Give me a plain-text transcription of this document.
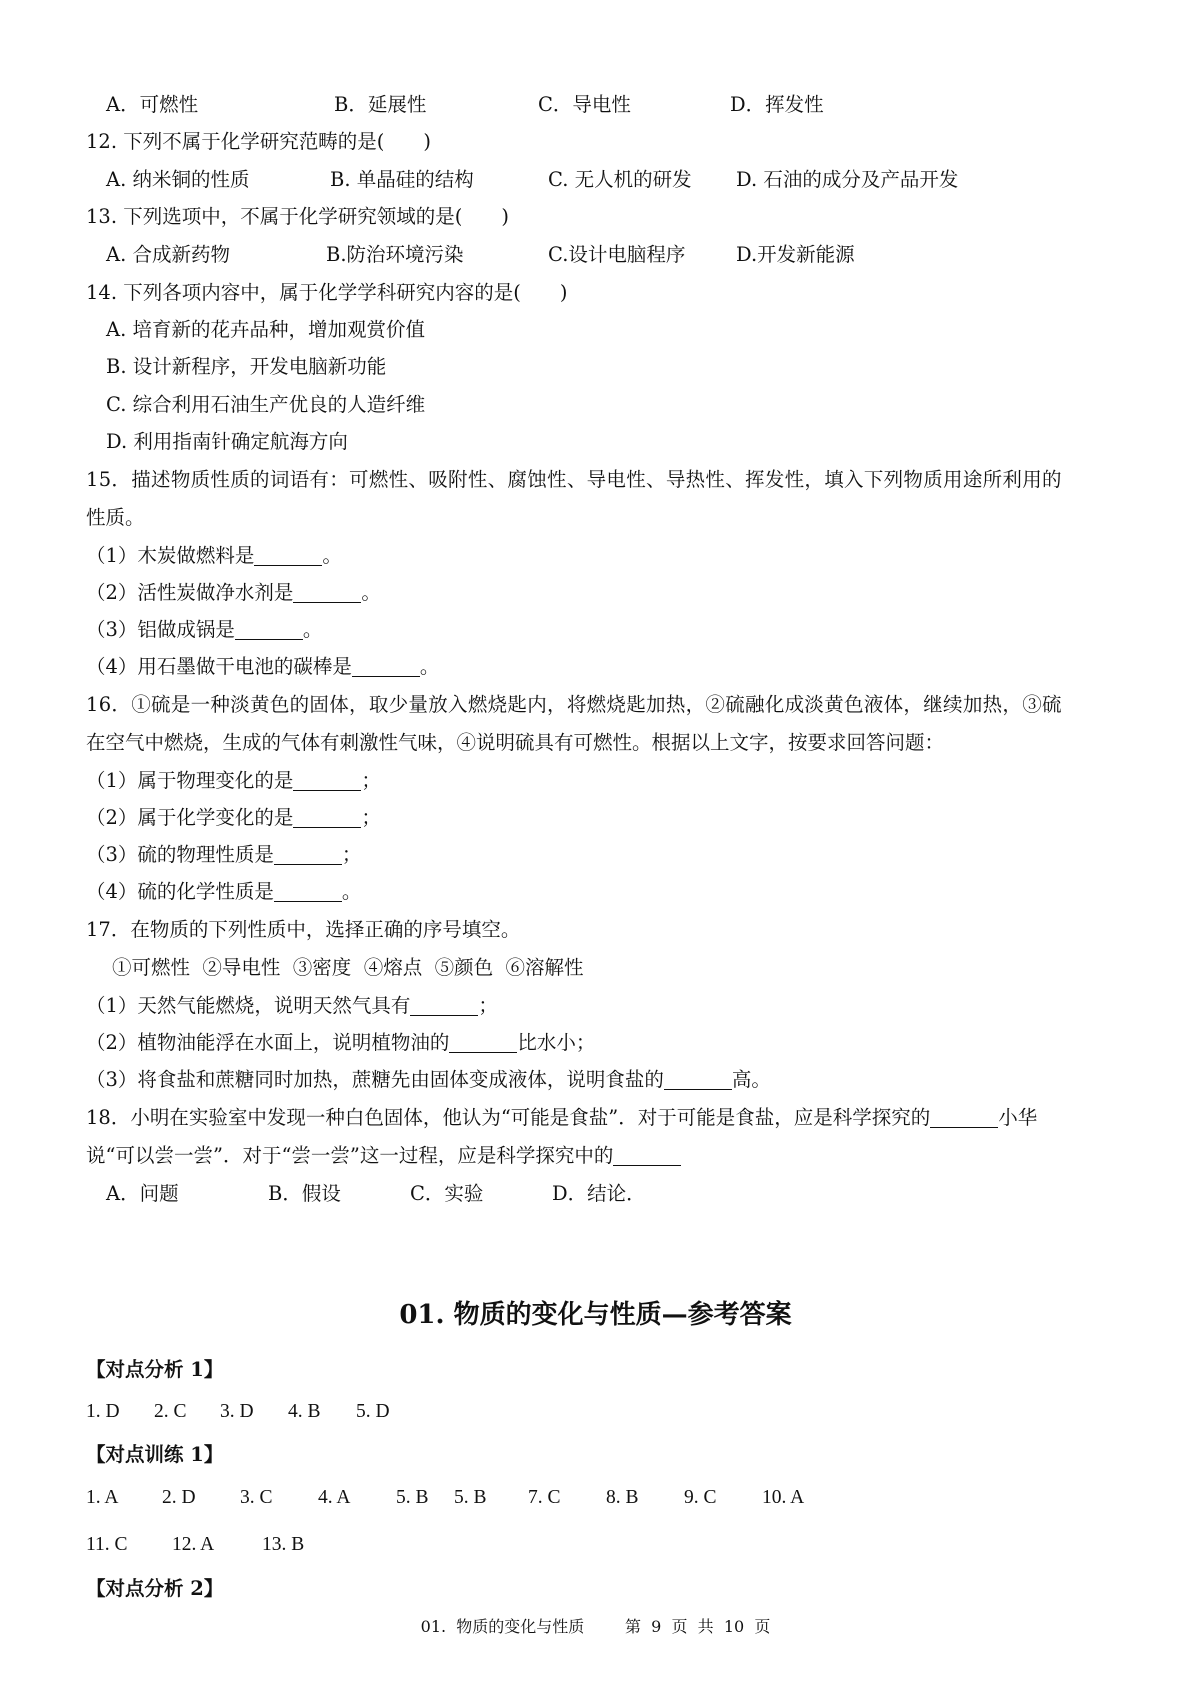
A．可燃性	B．延展性	C．导电性	D．挥发性
12. 下列不属于化学研究范畴的是(　　)
A. 纳米铜的性质	B. 单晶硅的结构	C. 无人机的研发 D. 石油的成分及产品开发
13. 下列选项中，不属于化学研究领域的是(　　)
A. 合成新药物	B.防治环境污染	C.设计电脑程序	D.开发新能源
14. 下列各项内容中，属于化学学科研究内容的是(　　)
A. 培育新的花卉品种，增加观赏价值
B. 设计新程序，开发电脑新功能
C. 综合利用石油生产优良的人造纤维
D. 利用指南针确定航海方向
15．描述物质性质的词语有：可燃性、吸附性、腐蚀性、导电性、导热性、挥发性，填入下列物质用途所利用的
性质。
（1）木炭做燃料是	。
（2）活性炭做净水剂是	。
（3）铝做成锅是	。
（4）用石墨做干电池的碳棒是	。
16．①硫是一种淡黄色的固体，取少量放入燃烧匙内，将燃烧匙加热，②硫融化成淡黄色液体，继续加热，③硫
在空气中燃烧，生成的气体有刺激性气味，④说明硫具有可燃性。根据以上文字，按要求回答问题：
（1）属于物理变化的是	；
（2）属于化学变化的是	；
（3）硫的物理性质是	；
（4）硫的化学性质是	。
17．在物质的下列性质中，选择正确的序号填空。
①可燃性  ②导电性  ③密度  ④熔点  ⑤颜色  ⑥溶解性
（1）天然气能燃烧，说明天然气具有	；
（2）植物油能浮在水面上，说明植物油的	比水小；
（3）将食盐和蔗糖同时加热，蔗糖先由固体变成液体，说明食盐的	高。
18．小明在实验室中发现一种白色固体，他认为“可能是食盐”．对于可能是食盐，应是科学探究的	小华
说“可以尝一尝”．对于“尝一尝”这一过程，应是科学探究中的
A．问题	B．假设	C．实验	D．结论．
01. 物质的变化与性质—参考答案
【对点分析 1】
1. D 2. C 3. D 4. B 5. D
【对点训练 1】
1. A 2. D 3. C 4. A 5. B 5. B 7. C 8. B 9. C 10. A
11. C 12. A 13. B
【对点分析 2】
01.  物质的变化与性质	第  9  页  共  10  页
